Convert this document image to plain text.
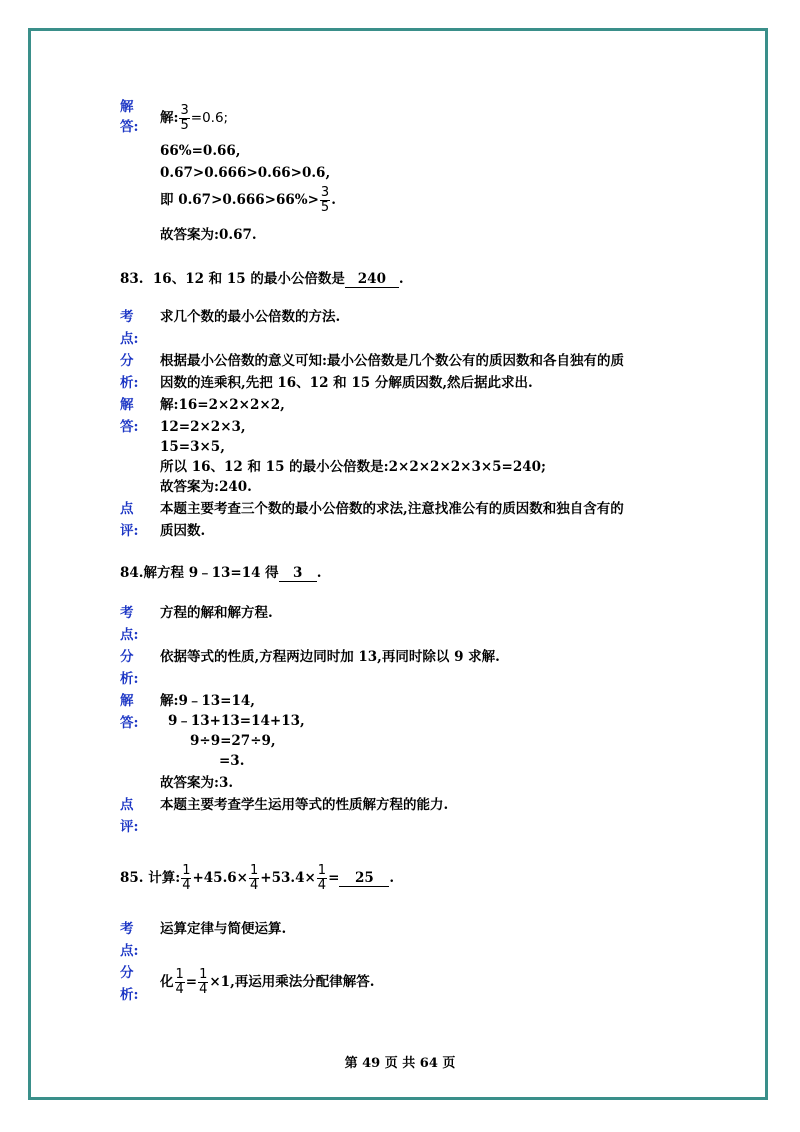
解
答:
解: $\frac{3}{5} =0.6$;
66%=0.66,
0.67>0.666>0.66>0.6,
即 $0.67>0.666>66\%> \frac{3}{5}$ .
故答案为:0.67.
83. 16、12 和 15 的最小公倍数是 240 .
考
点:
求几个数的最小公倍数的方法.
分
析:
根据最小公倍数的意义可知:最小公倍数是几个数公有的质因数和各自独有的质
因数的连乘积,先把 16、12 和 15 分解质因数,然后据此求出.
解
答:
解:16=2×2×2×2,
12=2×2×3,
15=3×5,
所以 16、12 和 15 的最小公倍数是:2×2×2×2×3×5=240;
故答案为:240.
点
评:
本题主要考查三个数的最小公倍数的求法,注意找准公有的质因数和独自含有的
质因数.
84.解方程 9﹣13=14 得 3 .
考
点:
方程的解和解方程.
分
析:
依据等式的性质,方程两边同时加 13,再同时除以 9 求解.
解
答:
解:9﹣13=14,
9﹣13+13=14+13,
9÷9=27÷9,
=3.
故答案为:3.
点
评:
本题主要考查学生运用等式的性质解方程的能力.
85. 计算: $\frac{1}{4} +45.6\times \frac{1}{4} +53.4\times \frac{1}{4} = 25$ .
考
点:
运算定律与简便运算.
分
析:
化 $\frac{1}{4} = \frac{1}{4} \times 1$,再运用乘法分配律解答.
第 49 页 共 64 页
